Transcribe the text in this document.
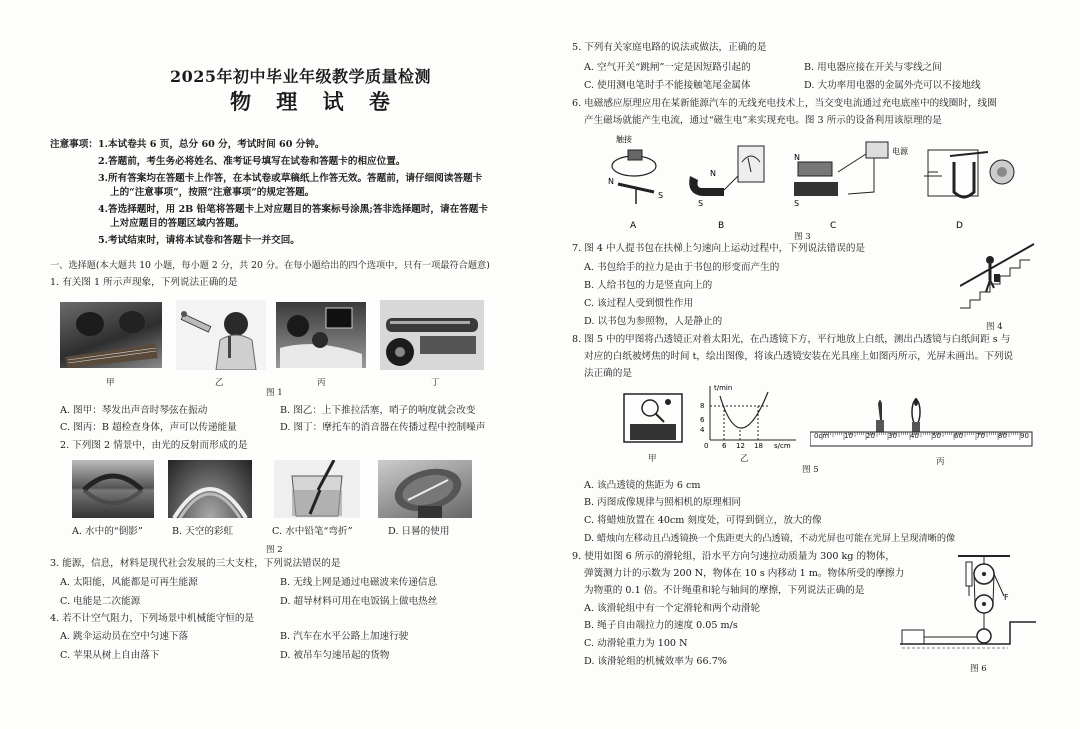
2025年初中毕业年级教学质量检测
物 理 试 卷
注意事项： 1.本试卷共 6 页，总分 60 分，考试时间 60 分钟。
2.答题前，考生务必将姓名、准考证号填写在试卷和答题卡的相应位置。
3.所有答案均在答题卡上作答，在本试卷或草稿纸上作答无效。答题前，请仔细阅读答题卡
上的“注意事项”，按照“注意事项”的规定答题。
4.答选择题时，用 2B 铅笔将答题卡上对应题目的答案标号涂黑;答非选择题时，请在答题卡
上对应题目的答题区域内答题。
5.考试结束时，请将本试卷和答题卡一并交回。
一、选择题(本大题共 10 小题，每小题 2 分，共 20 分。在每小题给出的四个选项中，只有一项最符合题意)
1. 有关图 1 所示声现象，下列说法正确的是
甲	乙	丙	丁
图 1
A. 图甲：琴发出声音时琴弦在振动	B. 图乙：上下推拉活塞，哨子的响度就会改变
C. 图丙：B 超检查身体，声可以传递能量	D. 图丁：摩托车的消音器在传播过程中控制噪声
2. 下列图 2 情景中，由光的反射而形成的是
A. 水中的“倒影”	B. 天空的彩虹	C. 水中铅笔“弯折”	D. 日晷的使用
图 2
3. 能源，信息，材料是现代社会发展的三大支柱，下列说法错误的是
A. 太阳能，风能都是可再生能源	B. 无线上网是通过电磁波来传递信息
C. 电能是二次能源	D. 超导材料可用在电饭锅上做电热丝
4. 若不计空气阻力，下列场景中机械能守恒的是
A. 跳伞运动员在空中匀速下落	B. 汽车在水平公路上加速行驶
C. 苹果从树上自由落下	D. 被吊车匀速吊起的货物
5. 下列有关家庭电路的说法或做法，正确的是
A. 空气开关“跳闸”一定是因短路引起的	B. 用电器应接在开关与零线之间
C. 使用测电笔时手不能接触笔尾金属体	D. 大功率用电器的金属外壳可以不接地线
6. 电磁感应原理应用在某新能源汽车的无线充电技术上，当交变电流通过充电底座中的线圈时，线圈
产生磁场就能产生电流，通过“磁生电”来实现充电。图 3 所示的设备利用该原理的是
触接
N
S
A
N
S
B
N
S
电源
C	D
图 3
7. 图 4 中人提书包在扶梯上匀速向上运动过程中，下列说法错误的是
A. 书包给手的拉力是由于书包的形变而产生的
B. 人给书包的力是竖直向上的
C. 该过程人受到惯性作用
D. 以书包为参照物，人是静止的	图 4
8. 图 5 中的甲图将凸透镜正对着太阳光，在凸透镜下方，平行地放上白纸，测出凸透镜与白纸间距 s 与
对应的白纸被烤焦的时间 t，绘出图像，将该凸透镜安装在光具座上如图丙所示，光屏未画出。下列说
法正确的是
甲
t/min
s/cm
8
6
4
0 6 12 18
乙
图 5
0cm 10 20 30 40 50 60 70 80 90
丙
A. 该凸透镜的焦距为 6 cm
B. 丙图成像规律与照相机的原理相同
C. 将蜡烛放置在 40cm 刻度处，可得到倒立，放大的像
D. 蜡烛向左移动且凸透镜换一个焦距更大的凸透镜，不动光屏也可能在光屏上呈现清晰的像
9. 使用如图 6 所示的滑轮组，沿水平方向匀速拉动质量为 300 kg 的物体，
弹簧测力计的示数为 200 N，物体在 10 s 内移动 1 m。物体所受的摩擦力
为物重的 0.1 倍。不计绳重和轮与轴间的摩擦，下列说法正确的是
A. 该滑轮组中有一个定滑轮和两个动滑轮
B. 绳子自由端拉力的速度 0.05 m/s
C. 动滑轮重力为 100 N
D. 该滑轮组的机械效率为 66.7%
F
图 6
